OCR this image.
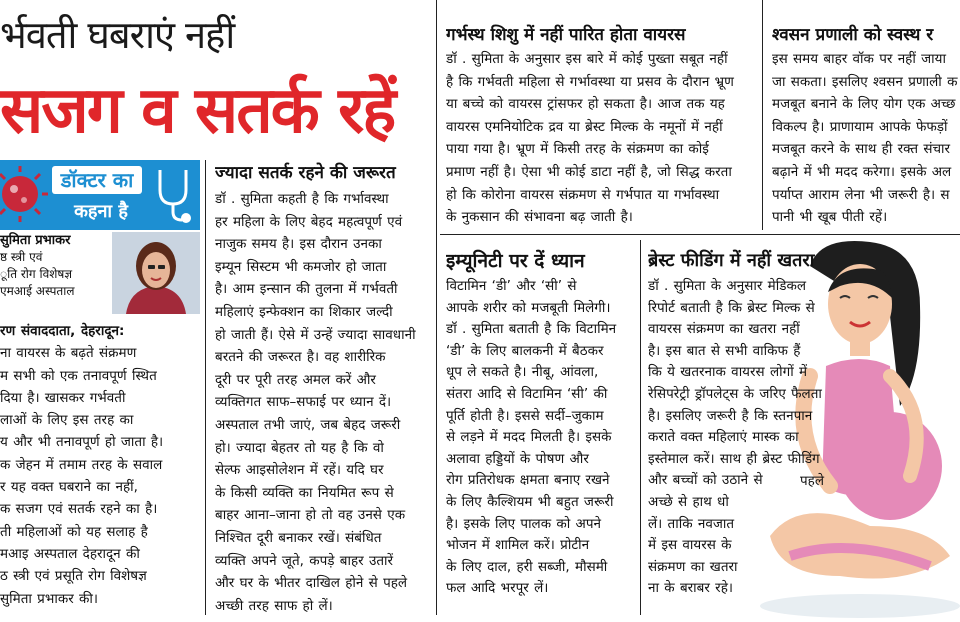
र्भवती घबराएं नहीं
सजग व सतर्क रहें
डॉक्टर का
कहना है
सुमिता प्रभाकर
ष्ठ स्त्री एवं
ूति रोग विशेषज्ञ
एमआई अस्पताल

रण संवाददाता, देहरादून:

ना वायरस के बढ़ते संक्रमण

म सभी को एक तनावपूर्ण स्थित

दिया है। खासकर गर्भवती

लाओं के लिए इस तरह का

य और भी तनावपूर्ण हो जाता है।

क जेहन में तमाम तरह के सवाल

र यह वक्त घबराने का नहीं,

क सजग एवं सतर्क रहने का है।

ती महिलाओं को यह सलाह है

मआइ अस्पताल देहरादून की

ठ स्त्री एवं प्रसूति रोग विशेषज्ञ

सुमिता प्रभाकर की।

ज्यादा सतर्क रहने की जरूरत

डॉ . सुमिता कहती है कि गर्भावस्था

हर महिला के लिए बेहद महत्वपूर्ण एवं

नाजुक समय है। इस दौरान उनका

इम्यून सिस्टम भी कमजोर हो जाता

है। आम इन्सान की तुलना में गर्भवती

महिलाएं इन्फेक्शन का शिकार जल्दी

हो जाती हैं। ऐसे में उन्हें ज्यादा सावधानी

बरतने की जरूरत है। वह शारीरिक

दूरी पर पूरी तरह अमल करें और

व्यक्तिगत साफ–सफाई पर ध्यान दें।

अस्पताल तभी जाएं, जब बेहद जरूरी

हो। ज्यादा बेहतर तो यह है कि वो

सेल्फ आइसोलेशन में रहें। यदि घर

के किसी व्यक्ति का नियमित रूप से

बाहर आना–जाना हो तो वह उनसे एक

निश्चित दूरी बनाकर रखें। संबंधित

व्यक्ति अपने जूते, कपड़े बाहर उतारें

और घर के भीतर दाखिल होने से पहले

अच्छी तरह साफ हो लें।

गर्भस्थ शिशु में नहीं पारित होता वायरस

डॉ . सुमिता के अनुसार इस बारे में कोई पुख्ता सबूत नहीं

है कि गर्भवती महिला से गर्भावस्था या प्रसव के दौरान भ्रूण

या बच्चे को वायरस ट्रांसफर हो सकता है। आज तक यह

वायरस एमनियोटिक द्रव या ब्रेस्ट मिल्क के नमूनों में नहीं

पाया गया है। भ्रूण में किसी तरह के संक्रमण का कोई

प्रमाण नहीं है। ऐसा भी कोई डाटा नहीं है, जो सिद्ध करता

हो कि कोरोना वायरस संक्रमण से गर्भपात या गर्भावस्था

के नुकसान की संभावना बढ़ जाती है।

श्वसन प्रणाली को स्वस्थ र

इस समय बाहर वॉक पर नहीं जाया

जा सकता। इसलिए श्वसन प्रणाली क

मजबूत बनाने के लिए योग एक अच्छ

विकल्प है। प्राणायाम आपके फेफड़ों

मजबूत करने के साथ ही रक्त संचार

बढ़ाने में भी मदद करेगा। इसके अल

पर्याप्त आराम लेना भी जरूरी है। स

पानी भी खूब पीती रहें।

इम्यूनिटी पर दें ध्यान

विटामिन ‘डी’ और ‘सी’ से

आपके शरीर को मजबूती मिलेगी।

डॉ . सुमिता बताती है कि विटामिन

‘डी’ के लिए बालकनी में बैठकर

धूप ले सकते है। नीबू, आंवला,

संतरा आदि से विटामिन ‘सी’ की

पूर्ति होती है। इससे सर्दी–जुकाम

से लड़ने में मदद मिलती है। इसके

अलावा हड्डियों के पोषण और

रोग प्रतिरोधक क्षमता बनाए रखने

के लिए कैल्शियम भी बहुत जरूरी

है। इसके लिए पालक को अपने

भोजन में शामिल करें। प्रोटीन

के लिए दाल, हरी सब्जी, मौसमी

फल आदि भरपूर लें।

ब्रेस्ट फीडिंग में नहीं खतरा

डॉ . सुमिता के अनुसार मेडिकल

रिपोर्ट बताती है कि ब्रेस्ट मिल्क से

वायरस संक्रमण का खतरा नहीं

है। इस बात से सभी वाकिफ हैं

कि ये खतरनाक वायरस लोगों में

रेसिपरेट्री ड्रॉपलेट्स के जरिए फैलता

है। इसलिए जरूरी है कि स्तनपान

कराते वक्त महिलाएं मास्क का

इस्तेमाल करें। साथ ही ब्रेस्ट फीडिंग

और बच्चों को उठाने से

अच्छे से हाथ धो

लें। ताकि नवजात

में इस वायरस के

संक्रमण का खतरा

ना के बराबर रहे।

पहले
